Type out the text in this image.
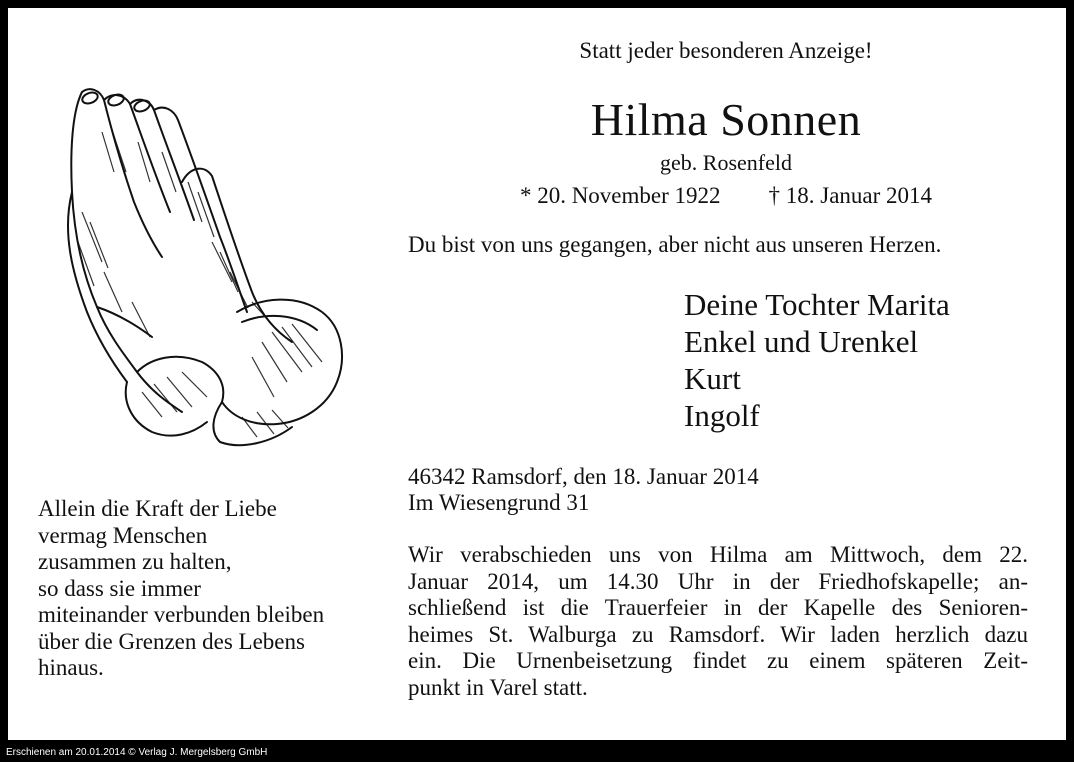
Statt jeder besonderen Anzeige!
Hilma Sonnen
geb. Rosenfeld
* 20. November 1922 † 18. Januar 2014
Du bist von uns gegangen, aber nicht aus unseren Herzen.
Deine Tochter Marita
Enkel und Urenkel
Kurt
Ingolf
46342 Ramsdorf, den 18. Januar 2014
Im Wiesengrund 31
Wir verabschieden uns von Hilma am Mittwoch, dem 22.
Januar 2014, um 14.30 Uhr in der Friedhofskapelle; an-
schließend ist die Trauerfeier in der Kapelle des Senioren-
heimes St. Walburga zu Ramsdorf. Wir laden herzlich dazu
ein. Die Urnenbeisetzung findet zu einem späteren Zeit-
punkt in Varel statt.
Allein die Kraft der Liebe
vermag Menschen
zusammen zu halten,
so dass sie immer
miteinander verbunden bleiben
über die Grenzen des Lebens
hinaus.
Erschienen am 20.01.2014 © Verlag J. Mergelsberg GmbH
